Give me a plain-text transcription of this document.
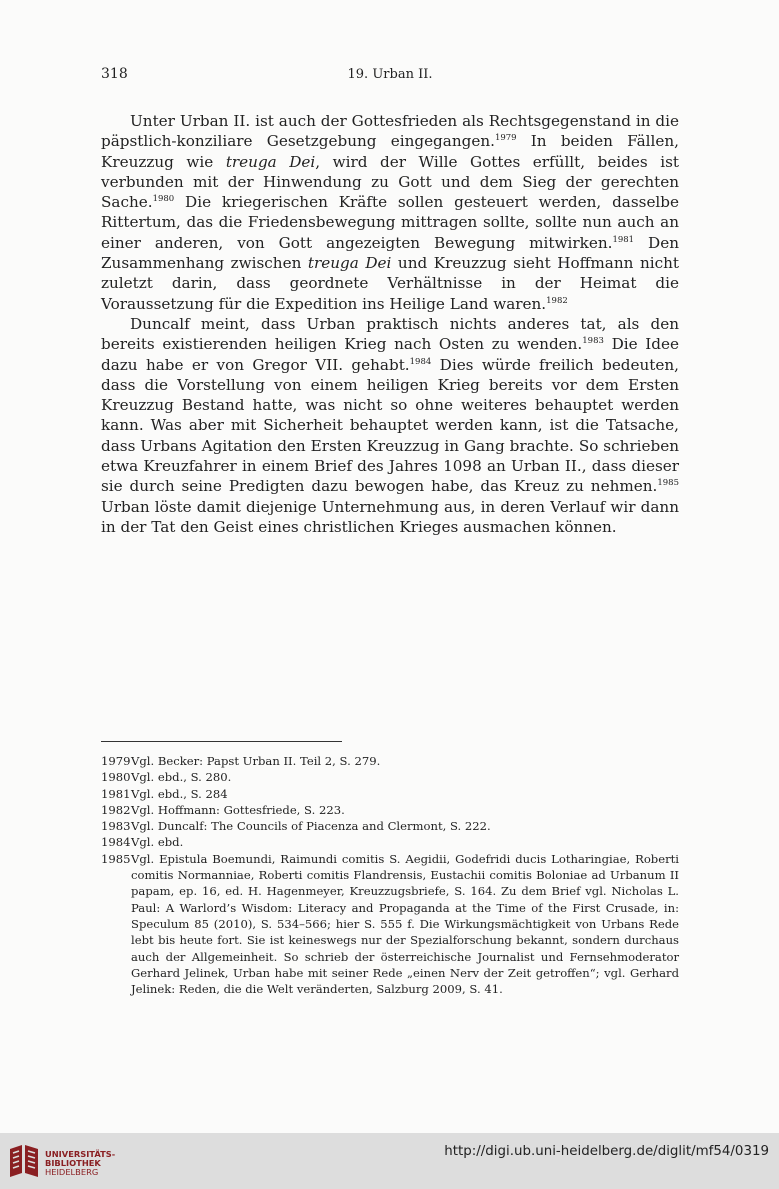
318	19. Urban II.

Unter Urban II. ist auch der Gottesfrieden als Rechtsgegenstand in die päpstlich-konziliare Gesetzgebung eingegangen.$^{1979}$ In beiden Fällen, Kreuzzug wie treuga Dei, wird der Wille Gottes erfüllt, beides ist verbunden mit der Hinwendung zu Gott und dem Sieg der gerechten Sache.$^{1980}$ Die kriegerischen Kräfte sollen gesteuert werden, dasselbe Rittertum, das die Friedensbewegung mittragen sollte, sollte nun auch an einer anderen, von Gott angezeigten Bewegung mitwirken.$^{1981}$ Den Zusammenhang zwischen treuga Dei und Kreuzzug sieht Hoffmann nicht zuletzt darin, dass geordnete Verhältnisse in der Heimat die Voraussetzung für die Expedition ins Heilige Land waren.$^{1982}$

Duncalf meint, dass Urban praktisch nichts anderes tat, als den bereits existierenden heiligen Krieg nach Osten zu wenden.$^{1983}$ Die Idee dazu habe er von Gregor VII. gehabt.$^{1984}$ Dies würde freilich bedeuten, dass die Vorstellung von einem heiligen Krieg bereits vor dem Ersten Kreuzzug Bestand hatte, was nicht so ohne weiteres behauptet werden kann. Was aber mit Sicherheit behauptet werden kann, ist die Tatsache, dass Urbans Agitation den Ersten Kreuzzug in Gang brachte. So schrieben etwa Kreuzfahrer in einem Brief des Jahres 1098 an Urban II., dass dieser sie durch seine Predigten dazu bewogen habe, das Kreuz zu nehmen.$^{1985}$ Urban löste damit diejenige Unternehmung aus, in deren Verlauf wir dann in der Tat den Geist eines christlichen Krieges ausmachen können.

1979 Vgl. Becker: Papst Urban II. Teil 2, S. 279.
1980 Vgl. ebd., S. 280.
1981 Vgl. ebd., S. 284
1982 Vgl. Hoffmann: Gottesfriede, S. 223.
1983 Vgl. Duncalf: The Councils of Piacenza and Clermont, S. 222.
1984 Vgl. ebd.
1985 Vgl. Epistula Boemundi, Raimundi comitis S. Aegidii, Godefridi ducis Lotharingiae, Roberti comitis Normanniae, Roberti comitis Flandrensis, Eustachii comitis Boloniae ad Urbanum II papam, ep. 16, ed. H. Hagenmeyer, Kreuzzugsbriefe, S. 164. Zu dem Brief vgl. Nicholas L. Paul: A Warlord’s Wisdom: Literacy and Propaganda at the Time of the First Crusade, in: Speculum 85 (2010), S. 534–566; hier S. 555 f. Die Wirkungsmächtigkeit von Urbans Rede lebt bis heute fort. Sie ist keineswegs nur der Spezialforschung bekannt, sondern durchaus auch der Allgemeinheit. So schrieb der österreichische Journalist und Fernsehmoderator Gerhard Jelinek, Urban habe mit seiner Rede „einen Nerv der Zeit getroffen“; vgl. Gerhard Jelinek: Reden, die die Welt veränderten, Salzburg 2009, S. 41.
UNIVERSITÄTS-
BIBLIOTHEK
HEIDELBERG
http://digi.ub.uni-heidelberg.de/diglit/mf54/0319
